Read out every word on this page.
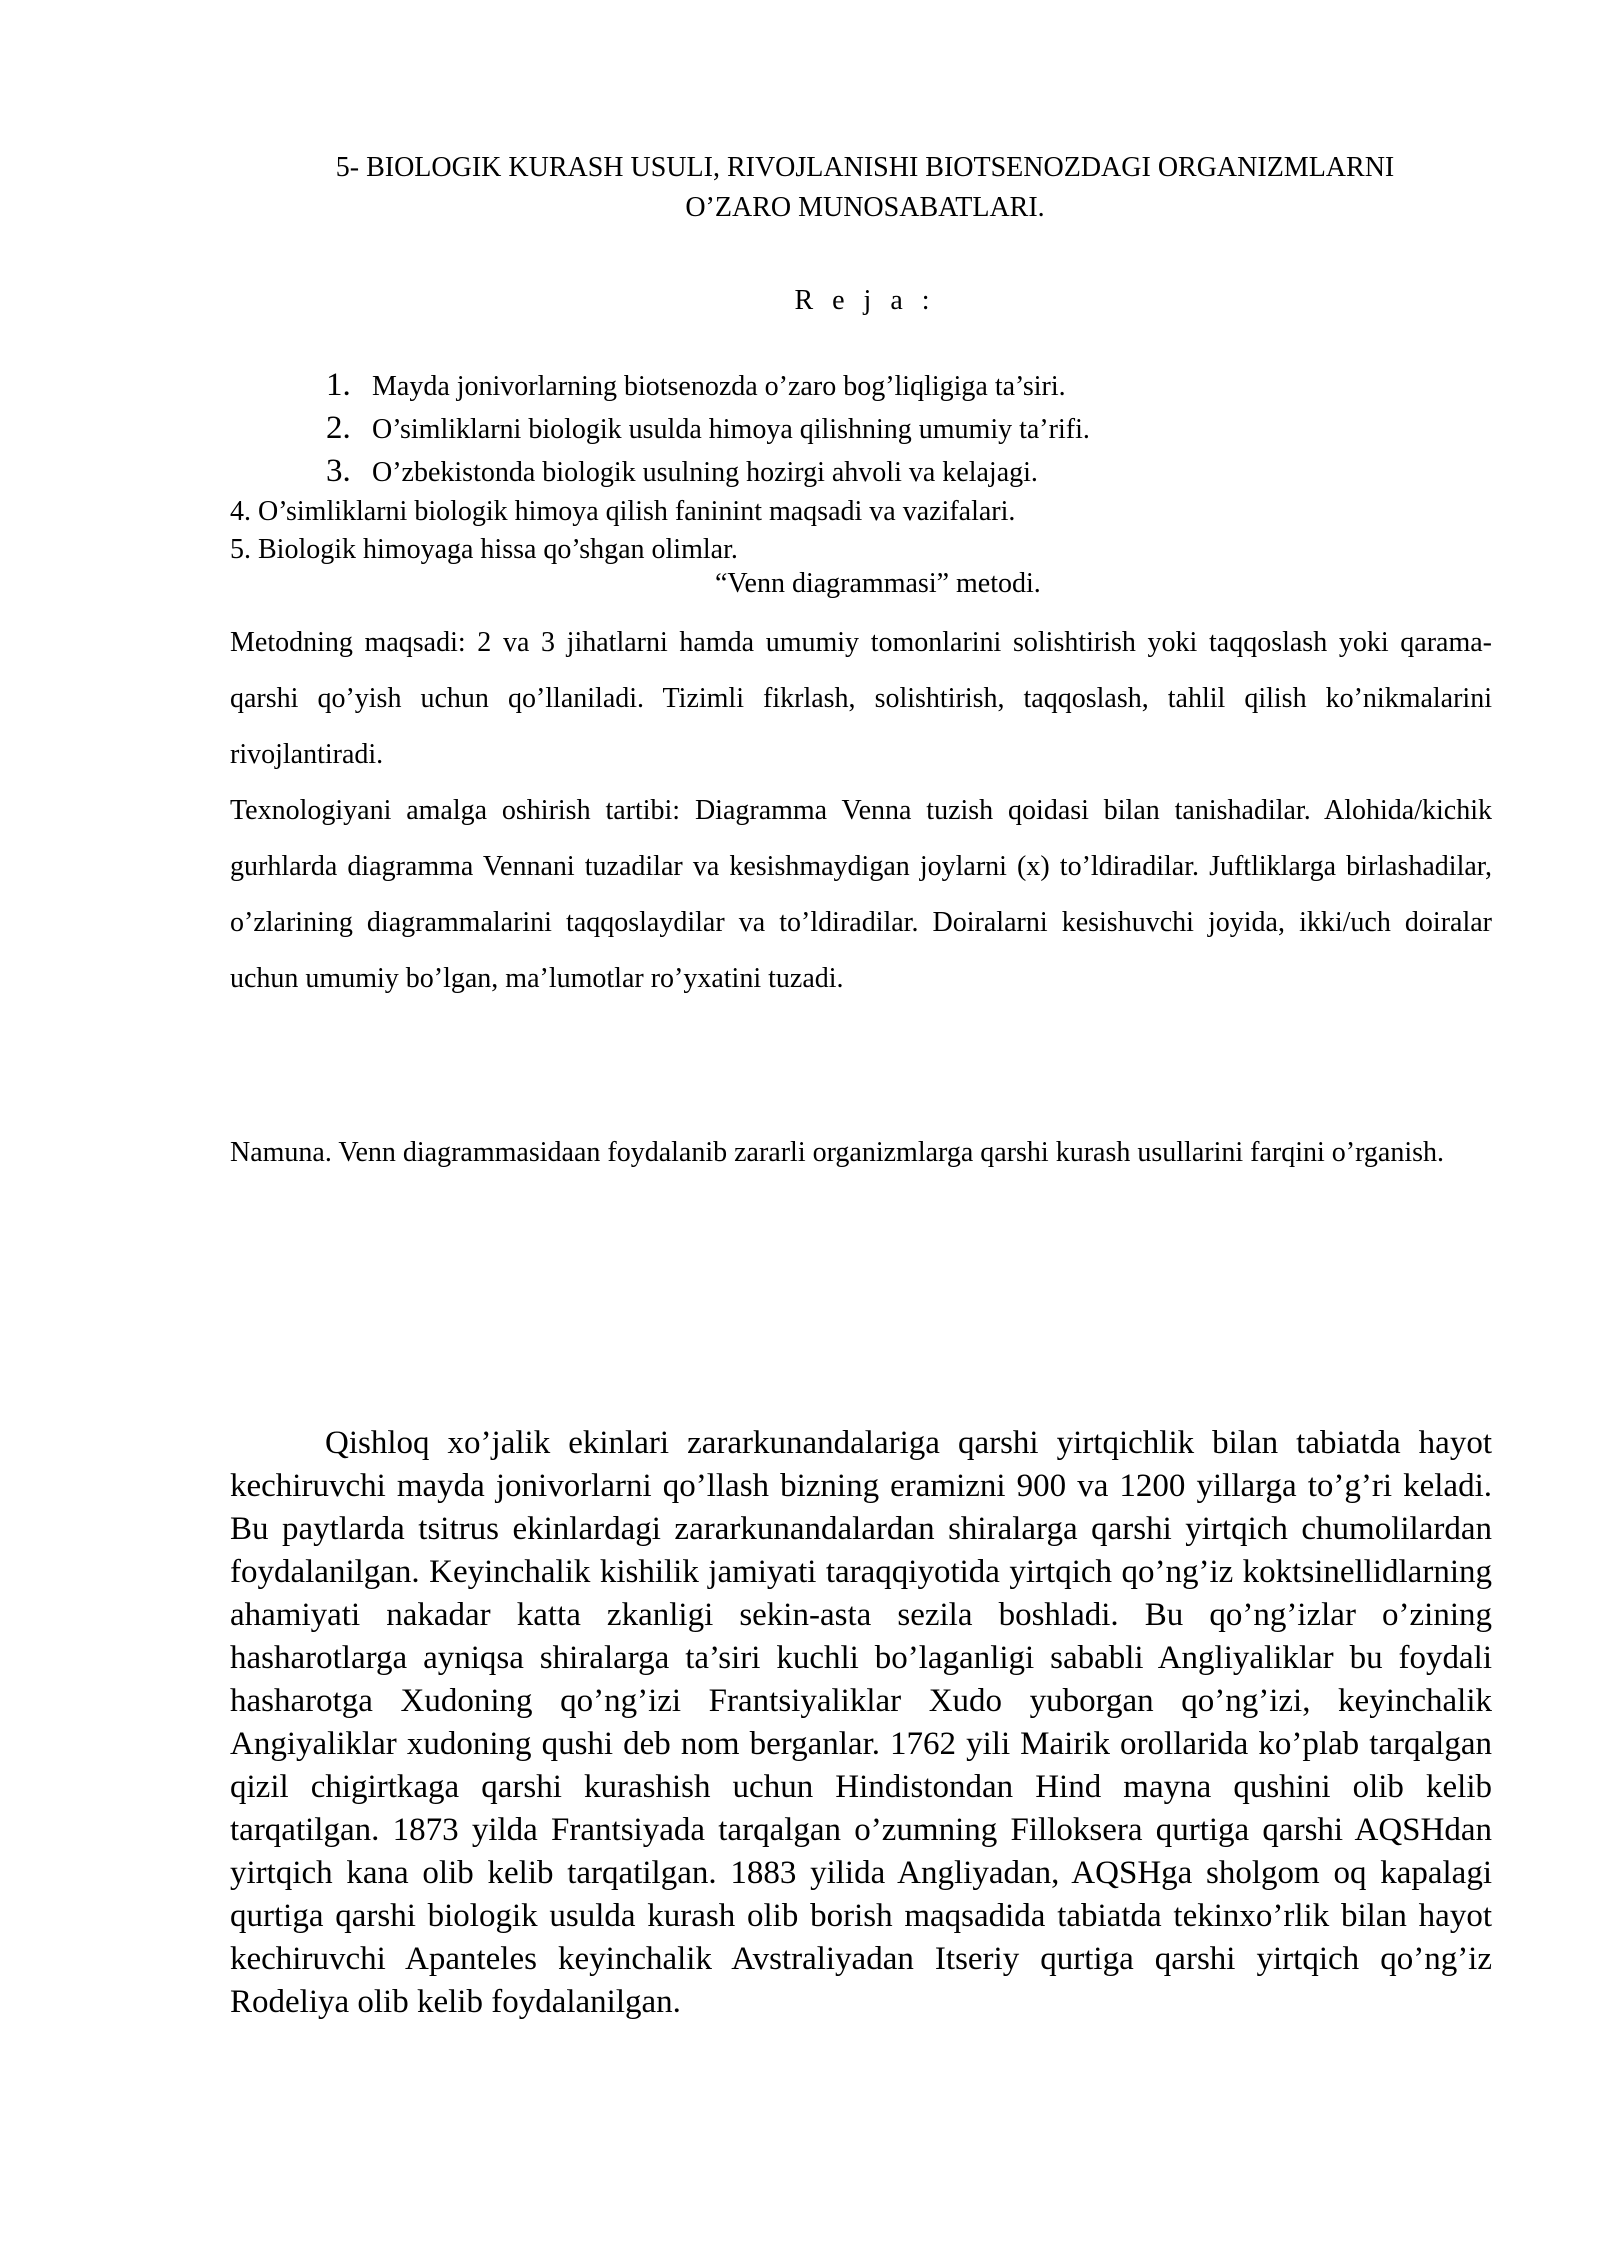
5- BIOLOGIK KURASH USULI, RIVOJLANISHI BIOTSENOZDAGI ORGANIZMLARNI
O’ZARO MUNOSABATLARI.
R e j a :
1. Mayda jonivorlarning biotsenozda o’zaro bog’liqligiga ta’siri.
2. O’simliklarni biologik usulda himoya qilishning umumiy ta’rifi.
3. O’zbekistonda biologik usulning hozirgi ahvoli va kelajagi.
4. O’simliklarni biologik himoya qilish faninint maqsadi va vazifalari.
5. Biologik himoyaga hissa qo’shgan olimlar.
“Venn diagrammasi” metodi.
Metodning maqsadi: 2 va 3 jihatlarni hamda umumiy tomonlarini solishtirish yoki taqqoslash yoki qarama-qarshi qo’yish uchun qo’llaniladi. Tizimli fikrlash, solishtirish, taqqoslash, tahlil qilish ko’nikmalarini rivojlantiradi.
Texnologiyani amalga oshirish tartibi: Diagramma Venna tuzish qoidasi bilan tanishadilar. Alohida/kichik gurhlarda diagramma Vennani tuzadilar va kesishmaydigan joylarni (x) to’ldiradilar. Juftliklarga birlashadilar, o’zlarining diagrammalarini taqqoslaydilar va to’ldiradilar. Doiralarni kesishuvchi joyida, ikki/uch doiralar uchun umumiy bo’lgan, ma’lumotlar ro’yxatini tuzadi.
Namuna. Venn diagrammasidaan foydalanib zararli organizmlarga qarshi kurash usullarini farqini o’rganish.
Qishloq xo’jalik ekinlari zararkunandalariga qarshi yirtqichlik bilan tabiatda hayot kechiruvchi mayda jonivorlarni qo’llash bizning eramizni 900 va 1200 yillarga to’g’ri keladi. Bu paytlarda tsitrus ekinlardagi zararkunandalardan shiralarga qarshi yirtqich chumolilardan foydalanilgan. Keyinchalik kishilik jamiyati taraqqiyotida yirtqich qo’ng’iz koktsinellidlarning ahamiyati nakadar katta zkanligi sekin-asta sezila boshladi. Bu qo’ng’izlar o’zining hasharotlarga ayniqsa shiralarga ta’siri kuchli bo’laganligi sababli Angliyaliklar bu foydali hasharotga Xudoning qo’ng’izi Frantsiyaliklar Xudo yuborgan qo’ng’izi, keyinchalik Angiyaliklar xudoning qushi deb nom berganlar. 1762 yili Mairik orollarida ko’plab tarqalgan qizil chigirtkaga qarshi kurashish uchun Hindistondan Hind mayna qushini olib kelib tarqatilgan. 1873 yilda Frantsiyada tarqalgan o’zumning Filloksera qurtiga qarshi AQSHdan yirtqich kana olib kelib tarqatilgan. 1883 yilida Angliyadan, AQSHga sholgom oq kapalagi qurtiga qarshi biologik usulda kurash olib borish maqsadida tabiatda tekinxo’rlik bilan hayot kechiruvchi Apanteles keyinchalik Avstraliyadan Itseriy qurtiga qarshi yirtqich qo’ng’iz Rodeliya olib kelib foydalanilgan.
